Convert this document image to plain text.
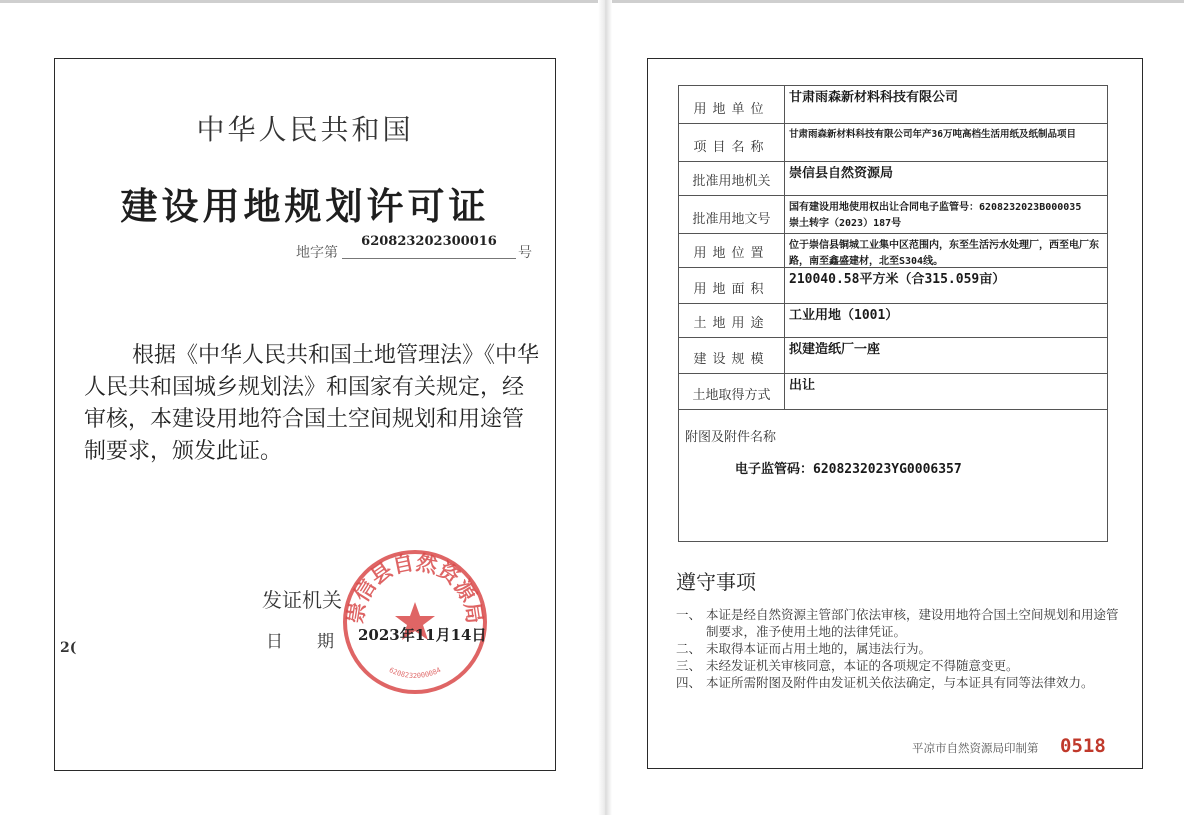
2(
中华人民共和国
建设用地规划许可证
地字第
620823202300016
号
根据《中华人民共和国土地管理法》《中华人民共和国城乡规划法》和国家有关规定，经审核，本建设用地符合国土空间规划和用途管制要求，颁发此证。
发证机关
日期
崇信县自然资源局
6208232000084
2023年11月14日
用地单位
甘肃雨森新材料科技有限公司
项目名称
甘肃雨森新材料科技有限公司年产36万吨高档生活用纸及纸制品项目
批准用地机关
崇信县自然资源局
批准用地文号
国有建设用地使用权出让合同电子监管号：6208232023B000035
崇土转字（2023）187号
用地位置
位于崇信县铜城工业集中区范围内，东至生活污水处理厂，西至电厂东路，南至鑫盛建材，北至S304线。
用地面积
210040.58平方米（合315.059亩）
土地用途
工业用地（1001）
建设规模
拟建造纸厂一座
土地取得方式
出让
附图及附件名称
电子监管码：6208232023YG0006357
遵守事项
一、 本证是经自然资源主管部门依法审核，建设用地符合国土空间规划和用途管制要求，准予使用土地的法律凭证。
二、 未取得本证而占用土地的，属违法行为。
三、 未经发证机关审核同意，本证的各项规定不得随意变更。
四、 本证所需附图及附件由发证机关依法确定，与本证具有同等法律效力。
平凉市自然资源局印制第 0518
